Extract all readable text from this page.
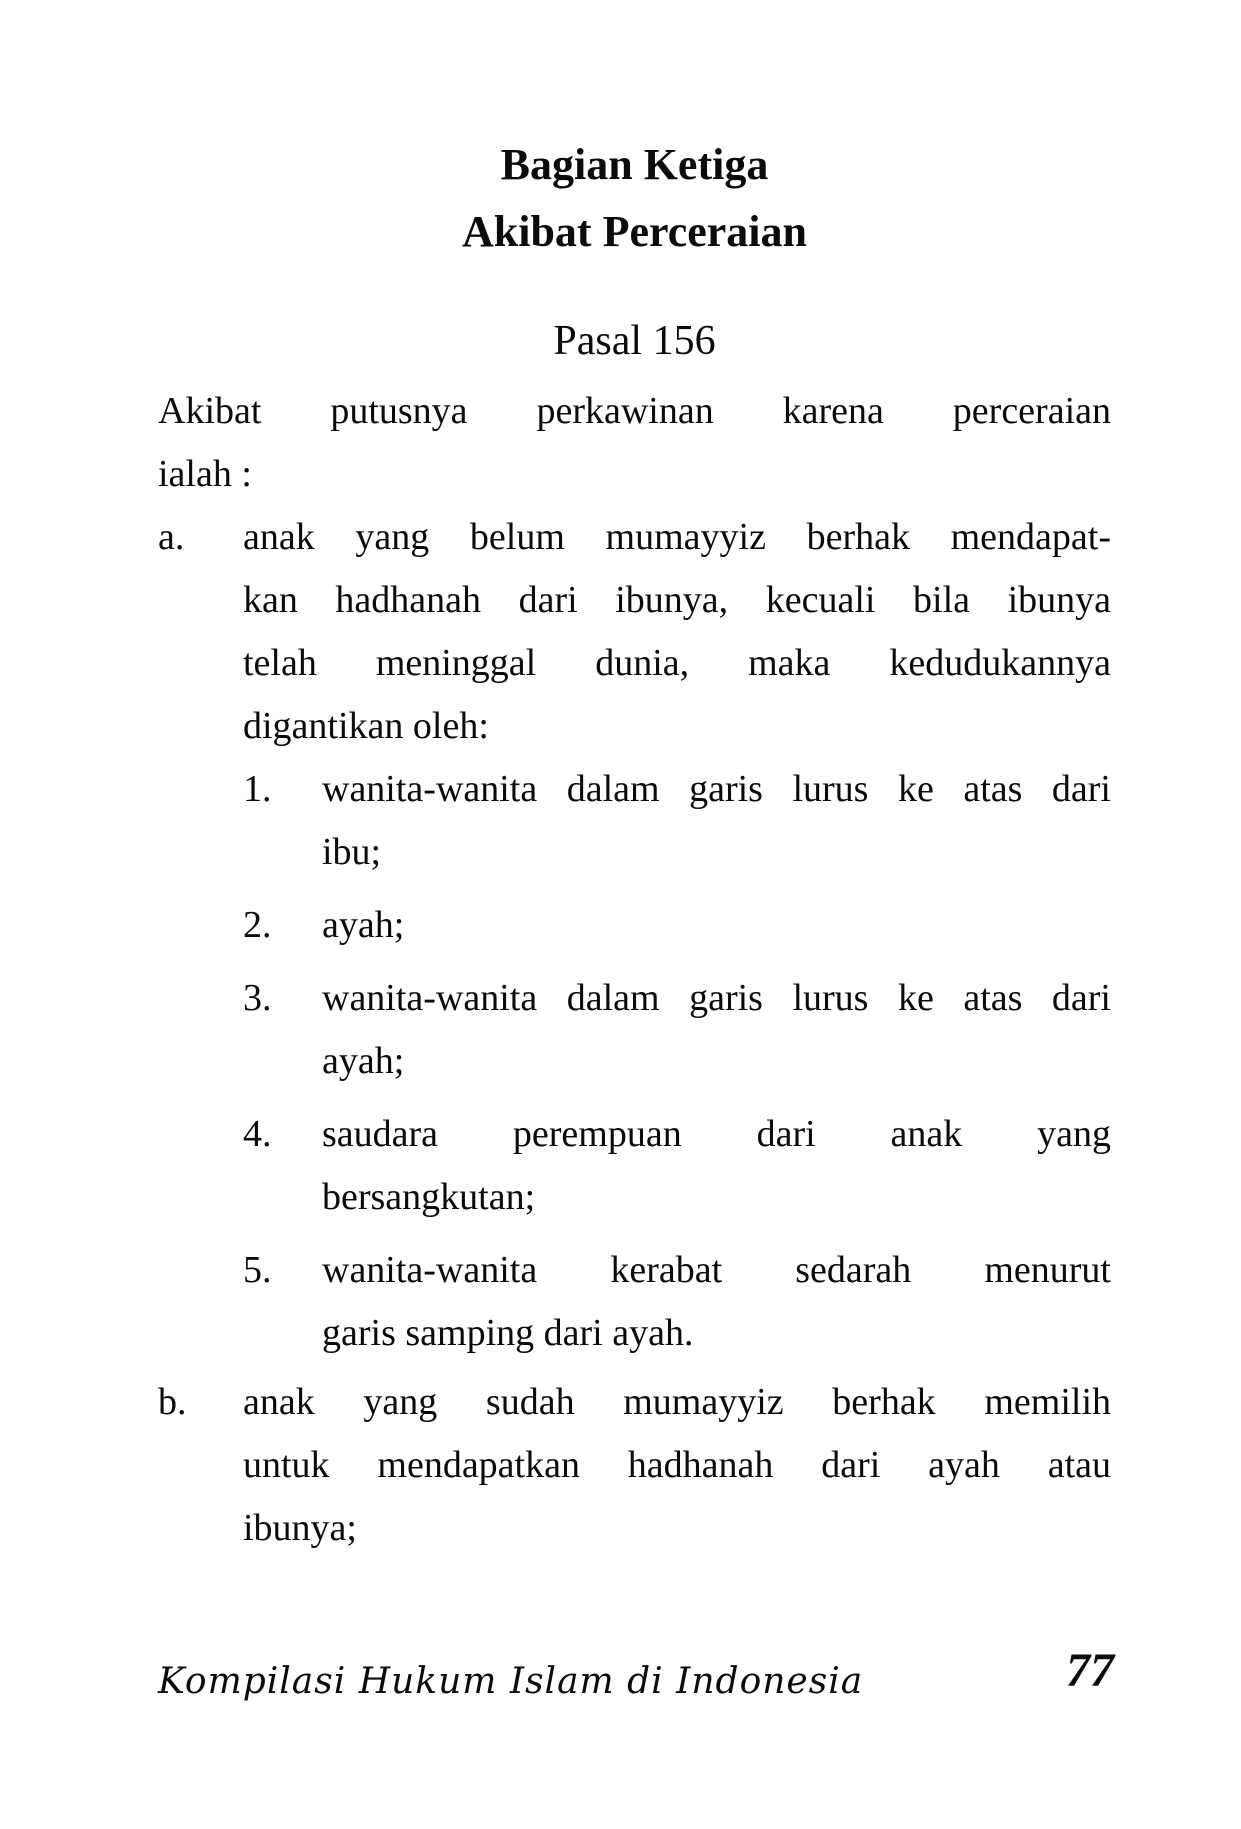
Bagian Ketiga
Akibat Perceraian
Pasal 156
Akibat putusnya perkawinan karena perceraian
ialah :
a.	anak yang belum mumayyiz berhak mendapat-
kan hadhanah dari ibunya, kecuali bila ibunya
telah meninggal dunia, maka kedudukannya
digantikan oleh:
1.	wanita-wanita dalam garis lurus ke atas dari
ibu;
2.	ayah;
3.	wanita-wanita dalam garis lurus ke atas dari
ayah;
4.	saudara perempuan dari anak yang
bersangkutan;
5.	wanita-wanita kerabat sedarah menurut
garis samping dari ayah.
b.	anak yang sudah mumayyiz berhak memilih
untuk mendapatkan hadhanah dari ayah atau
ibunya;
Kompilasi Hukum Islam di Indonesia	77
